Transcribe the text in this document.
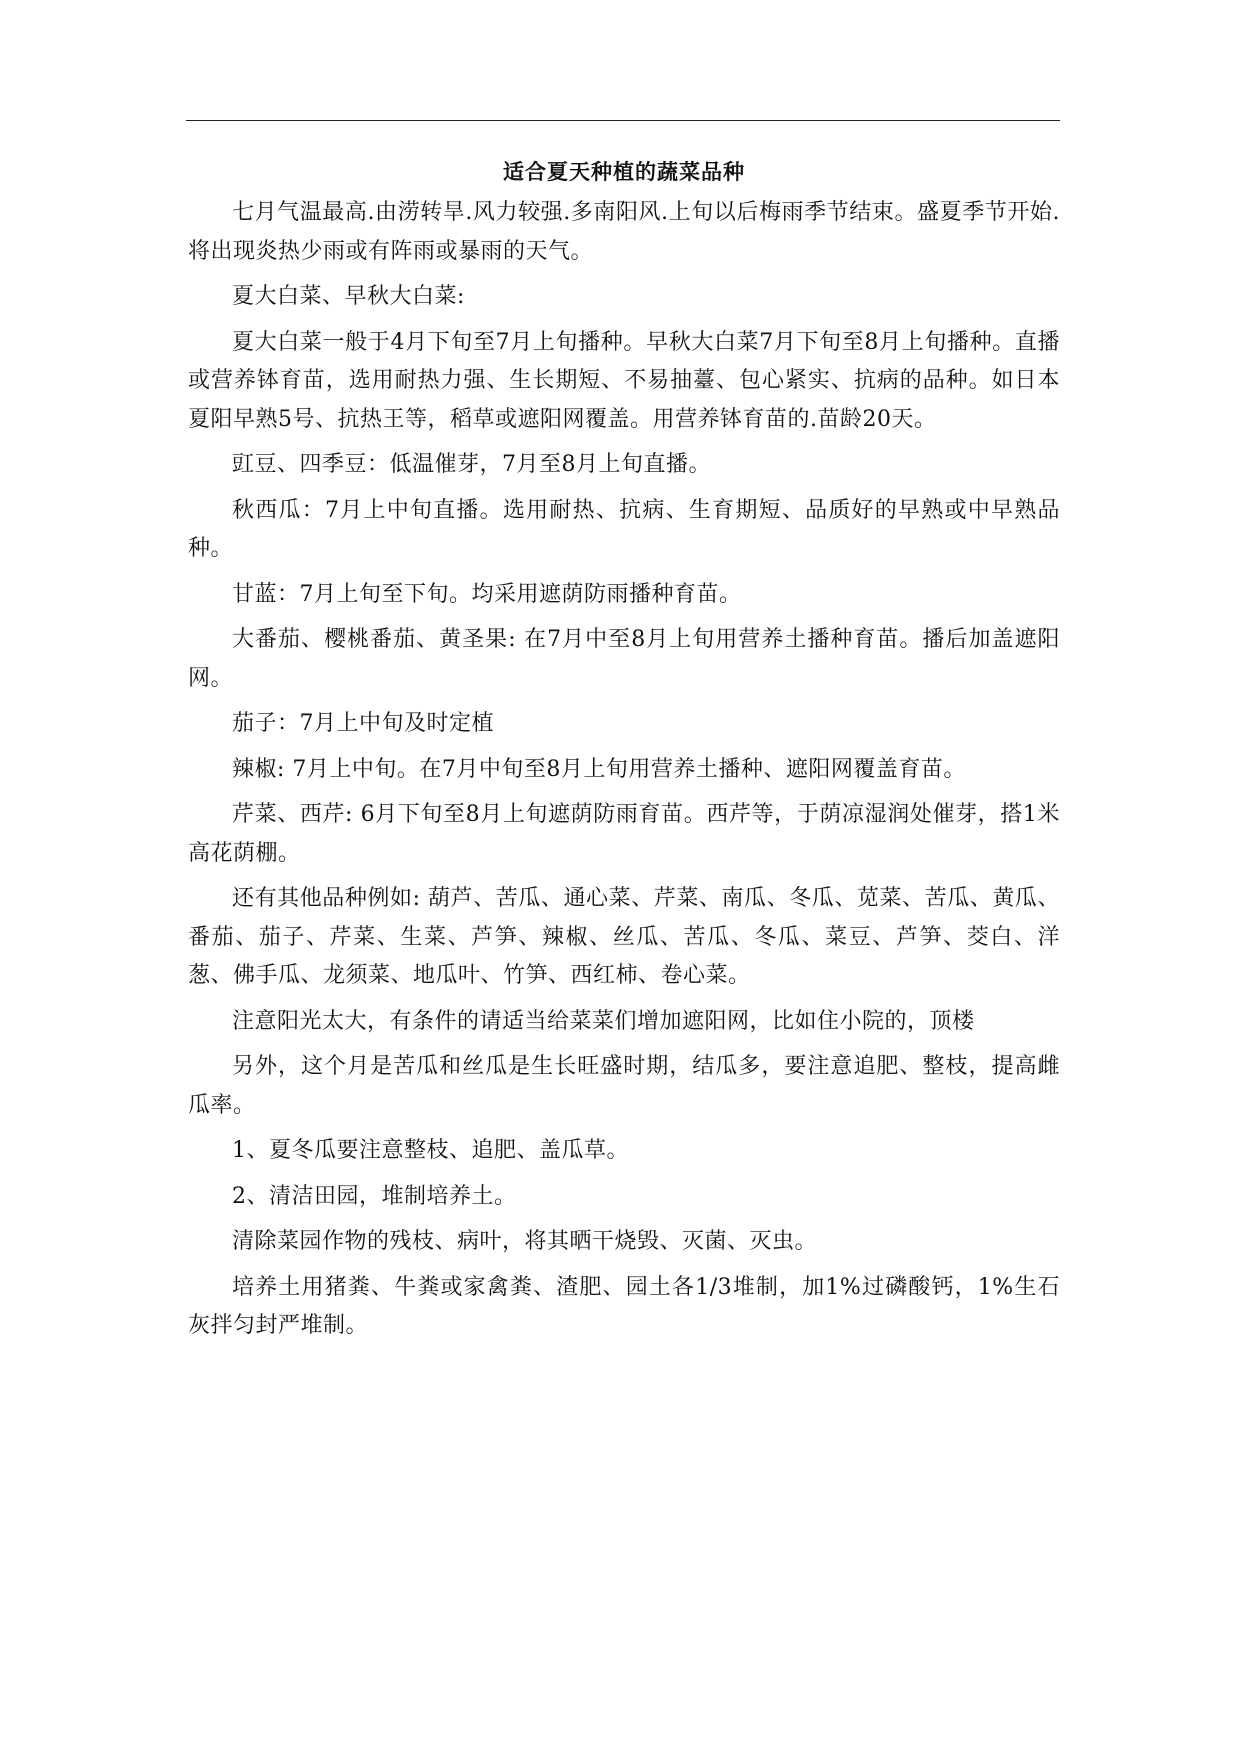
适合夏天种植的蔬菜品种

七月气温最高.由涝转旱.风力较强.多南阳风.上旬以后梅雨季节结束。盛夏季节开始.将出现炎热少雨或有阵雨或暴雨的天气。

夏大白菜、早秋大白菜:

夏大白菜一般于4月下旬至7月上旬播种。早秋大白菜7月下旬至8月上旬播种。直播或营养钵育苗，选用耐热力强、生长期短、不易抽薹、包心紧实、抗病的品种。如日本夏阳早熟5号、抗热王等，稻草或遮阳网覆盖。用营养钵育苗的.苗龄20天。

豇豆、四季豆：低温催芽，7月至8月上旬直播。

秋西瓜：7月上中旬直播。选用耐热、抗病、生育期短、品质好的早熟或中早熟品种。

甘蓝：7月上旬至下旬。均采用遮荫防雨播种育苗。

大番茄、樱桃番茄、黄圣果: 在7月中至8月上旬用营养土播种育苗。播后加盖遮阳网。

茄子：7月上中旬及时定植

辣椒: 7月上中旬。在7月中旬至8月上旬用营养土播种、遮阳网覆盖育苗。

芹菜、西芹: 6月下旬至8月上旬遮荫防雨育苗。西芹等，于荫凉湿润处催芽，搭1米高花荫棚。

还有其他品种例如: 葫芦、苦瓜、通心菜、芹菜、南瓜、冬瓜、苋菜、苦瓜、黄瓜、番茄、茄子、芹菜、生菜、芦笋、辣椒、丝瓜、苦瓜、冬瓜、菜豆、芦笋、茭白、洋葱、佛手瓜、龙须菜、地瓜叶、竹笋、西红柿、卷心菜。

注意阳光太大，有条件的请适当给菜菜们增加遮阳网，比如住小院的，顶楼

另外，这个月是苦瓜和丝瓜是生长旺盛时期，结瓜多，要注意追肥、整枝，提高雌瓜率。

1、夏冬瓜要注意整枝、追肥、盖瓜草。

2、清洁田园，堆制培养土。

清除菜园作物的残枝、病叶，将其晒干烧毁、灭菌、灭虫。

培养土用猪粪、牛粪或家禽粪、渣肥、园土各1/3堆制，加1%过磷酸钙，1%生石灰拌匀封严堆制。
